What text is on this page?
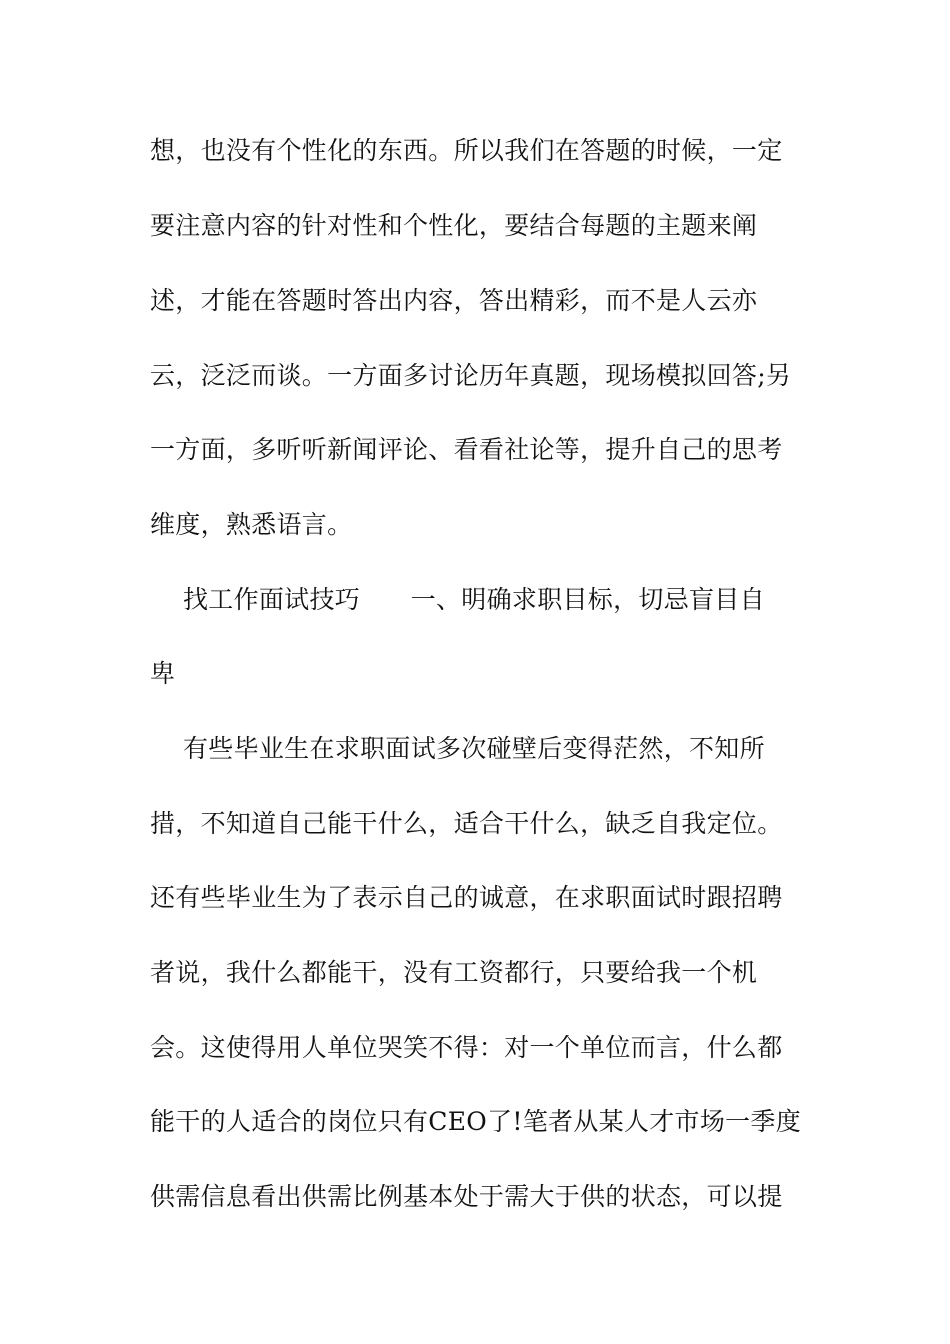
想，也没有个性化的东西。所以我们在答题的时候，一定
要注意内容的针对性和个性化，要结合每题的主题来阐
述，才能在答题时答出内容，答出精彩，而不是人云亦
云，泛泛而谈。一方面多讨论历年真题，现场模拟回答;另
一方面，多听听新闻评论、看看社论等，提升自己的思考
维度，熟悉语言。
找工作面试技巧　　一、明确求职目标，切忌盲目自
卑
有些毕业生在求职面试多次碰壁后变得茫然，不知所
措，不知道自己能干什么，适合干什么，缺乏自我定位。
还有些毕业生为了表示自己的诚意，在求职面试时跟招聘
者说，我什么都能干，没有工资都行，只要给我一个机
会。这使得用人单位哭笑不得：对一个单位而言，什么都
能干的人适合的岗位只有CEO了!笔者从某人才市场一季度
供需信息看出供需比例基本处于需大于供的状态，可以提
